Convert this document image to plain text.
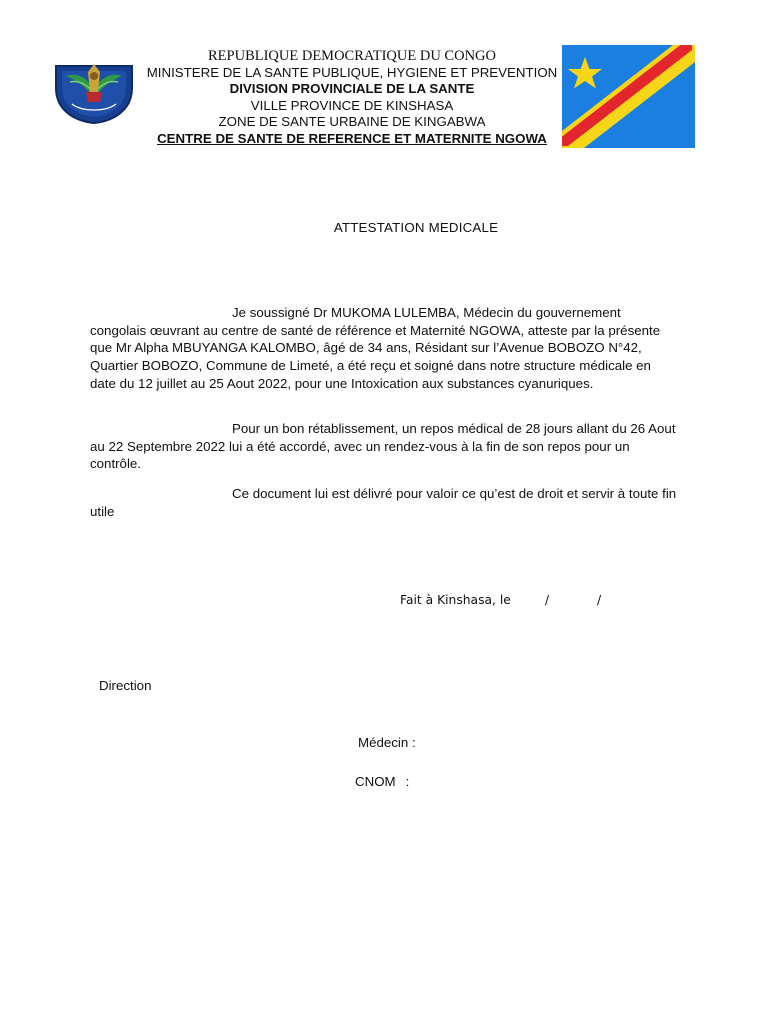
REPUBLIQUE DEMOCRATIQUE DU CONGO
MINISTERE DE LA SANTE PUBLIQUE, HYGIENE ET PREVENTION
DIVISION PROVINCIALE DE LA SANTE
VILLE PROVINCE DE KINSHASA
ZONE DE SANTE URBAINE DE KINGABWA
CENTRE DE SANTE DE REFERENCE ET MATERNITE NGOWA
ATTESTATION MEDICALE

Je soussigné Dr MUKOMA LULEMBA, Médecin du gouvernement congolais œuvrant au centre de santé de référence et Maternité NGOWA, atteste par la présente que Mr Alpha MBUYANGA KALOMBO, âgé de 34 ans, Résidant sur l’Avenue BOBOZO N°42, Quartier BOBOZO, Commune de Limeté, a été reçu et soigné dans notre structure médicale en date du 12 juillet au 25 Aout 2022, pour une Intoxication aux substances cyanuriques.

Pour un bon rétablissement, un repos médical de 28 jours allant du 26 Aout au 22 Septembre 2022 lui a été accordé, avec un rendez-vous à la fin de son repos pour un contrôle.

Ce document lui est délivré pour valoir ce qu’est de droit et servir à toute fin utile

Fait à Kinshasa, le	/	/
Direction
Médecin :
CNOM :
